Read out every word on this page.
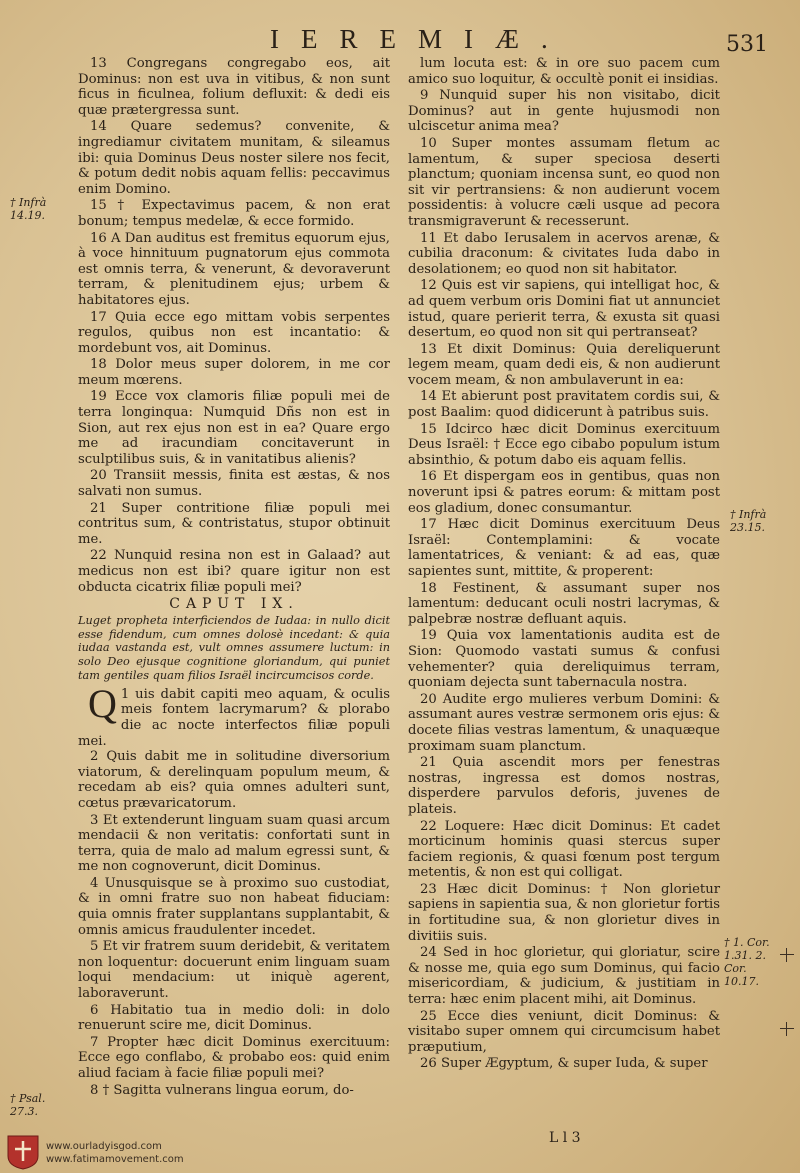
IEREMIÆ.	531

13 Congregans congregabo eos, ait Dominus: non est uva in vitibus, & non sunt ficus in ficulnea, folium defluxit: & dedi eis quæ prætergressa sunt.

14 Quare sedemus? convenite, & ingrediamur civitatem munitam, & sileamus ibi: quia Dominus Deus noster silere nos fecit, & potum dedit nobis aquam fellis: peccavimus enim Domino.

15 † Expectavimus pacem, & non erat bonum; tempus medelæ, & ecce formido.

16 A Dan auditus est fremitus equorum ejus, à voce hinnituum pugnatorum ejus commota est omnis terra, & venerunt, & devoraverunt terram, & plenitudinem ejus; urbem & habitatores ejus.

17 Quia ecce ego mittam vobis serpentes regulos, quibus non est incantatio: & mordebunt vos, ait Dominus.

18 Dolor meus super dolorem, in me cor meum mœrens.

19 Ecce vox clamoris filiæ populi mei de terra longinqua: Numquid Dñs non est in Sion, aut rex ejus non est in ea? Quare ergo me ad iracundiam concitaverunt in sculptilibus suis, & in vanitatibus alienis?

20 Transiit messis, finita est æstas, & nos salvati non sumus.

21 Super contritione filiæ populi mei contritus sum, & contristatus, stupor obtinuit me.

22 Nunquid resina non est in Galaad? aut medicus non est ibi? quare igitur non est obducta cicatrix filiæ populi mei?

CAPUT IX.

Luget propheta interficiendos de Iudaa: in nullo dicit esse fidendum, cum omnes dolosè incedant: & quia iudaa vastanda est, vult omnes assumere luctum: in solo Deo ejusque cognitione gloriandum, qui puniet tam gentiles quam filios Israël incircumcisos corde.

1
Q uis dabit capiti meo aquam, & oculis meis fontem lacrymarum? & plorabo die ac nocte interfectos filiæ populi mei.

2 Quis dabit me in solitudine diversorium viatorum, & derelinquam populum meum, & recedam ab eis? quia omnes adulteri sunt, cœtus prævaricatorum.

3 Et extenderunt linguam suam quasi arcum mendacii & non veritatis: confortati sunt in terra, quia de malo ad malum egressi sunt, & me non cognoverunt, dicit Dominus.

4 Unusquisque se à proximo suo custodiat, & in omni fratre suo non habeat fiduciam: quia omnis frater supplantans supplantabit, & omnis amicus fraudulenter incedet.

5 Et vir fratrem suum deridebit, & veritatem non loquentur: docuerunt enim linguam suam loqui mendacium: ut iniquè agerent, laboraverunt.

6 Habitatio tua in medio doli: in dolo renuerunt scire me, dicit Dominus.

7 Propter hæc dicit Dominus exercituum: Ecce ego conflabo, & probabo eos: quid enim aliud faciam à facie filiæ populi mei?

8 † Sagitta vulnerans lingua eorum, do-

lum locuta est: & in ore suo pacem cum amico suo loquitur, & occultè ponit ei insidias.

9 Nunquid super his non visitabo, dicit Dominus? aut in gente hujusmodi non ulciscetur anima mea?

10 Super montes assumam fletum ac lamentum, & super speciosa deserti planctum; quoniam incensa sunt, eo quod non sit vir pertransiens: & non audierunt vocem possidentis: à volucre cæli usque ad pecora transmigraverunt & recesserunt.

11 Et dabo Ierusalem in acervos arenæ, & cubilia draconum: & civitates Iuda dabo in desolationem; eo quod non sit habitator.

12 Quis est vir sapiens, qui intelligat hoc, & ad quem verbum oris Domini fiat ut annunciet istud, quare perierit terra, & exusta sit quasi desertum, eo quod non sit qui pertranseat?

13 Et dixit Dominus: Quia dereliquerunt legem meam, quam dedi eis, & non audierunt vocem meam, & non ambulaverunt in ea:

14 Et abierunt post pravitatem cordis sui, & post Baalim: quod didicerunt à patribus suis.

15 Idcirco hæc dicit Dominus exercituum Deus Israël: † Ecce ego cibabo populum istum absinthio, & potum dabo eis aquam fellis.

16 Et dispergam eos in gentibus, quas non noverunt ipsi & patres eorum: & mittam post eos gladium, donec consumantur.

17 Hæc dicit Dominus exercituum Deus Israël: Contemplamini: & vocate lamentatrices, & veniant: & ad eas, quæ sapientes sunt, mittite, & properent:

18 Festinent, & assumant super nos lamentum: deducant oculi nostri lacrymas, & palpebræ nostræ defluant aquis.

19 Quia vox lamentationis audita est de Sion: Quomodo vastati sumus & confusi vehementer? quia dereliquimus terram, quoniam dejecta sunt tabernacula nostra.

20 Audite ergo mulieres verbum Domini: & assumant aures vestræ sermonem oris ejus: & docete filias vestras lamentum, & unaquæque proximam suam planctum.

21 Quia ascendit mors per fenestras nostras, ingressa est domos nostras, disperdere parvulos deforis, juvenes de plateis.

22 Loquere: Hæc dicit Dominus: Et cadet morticinum hominis quasi stercus super faciem regionis, & quasi fœnum post tergum metentis, & non est qui colligat.

23 Hæc dicit Dominus: † Non glorietur sapiens in sapientia sua, & non glorietur fortis in fortitudine sua, & non glorietur dives in divitiis suis.

24 Sed in hoc glorietur, qui gloriatur, scire & nosse me, quia ego sum Dominus, qui facio misericordiam, & judicium, & justitiam in terra: hæc enim placent mihi, ait Dominus.

25 Ecce dies veniunt, dicit Dominus: & visitabo super omnem qui circumcisum habet præputium,

26 Super Ægyptum, & super Iuda, & super

† Infrà 14.19.
† Psal. 27.3.
† Infrà 23.15.
† 1. Cor. 1.31. 2. Cor. 10.17.
L l 3
www.ourladyisgod.com
www.fatimamovement.com
